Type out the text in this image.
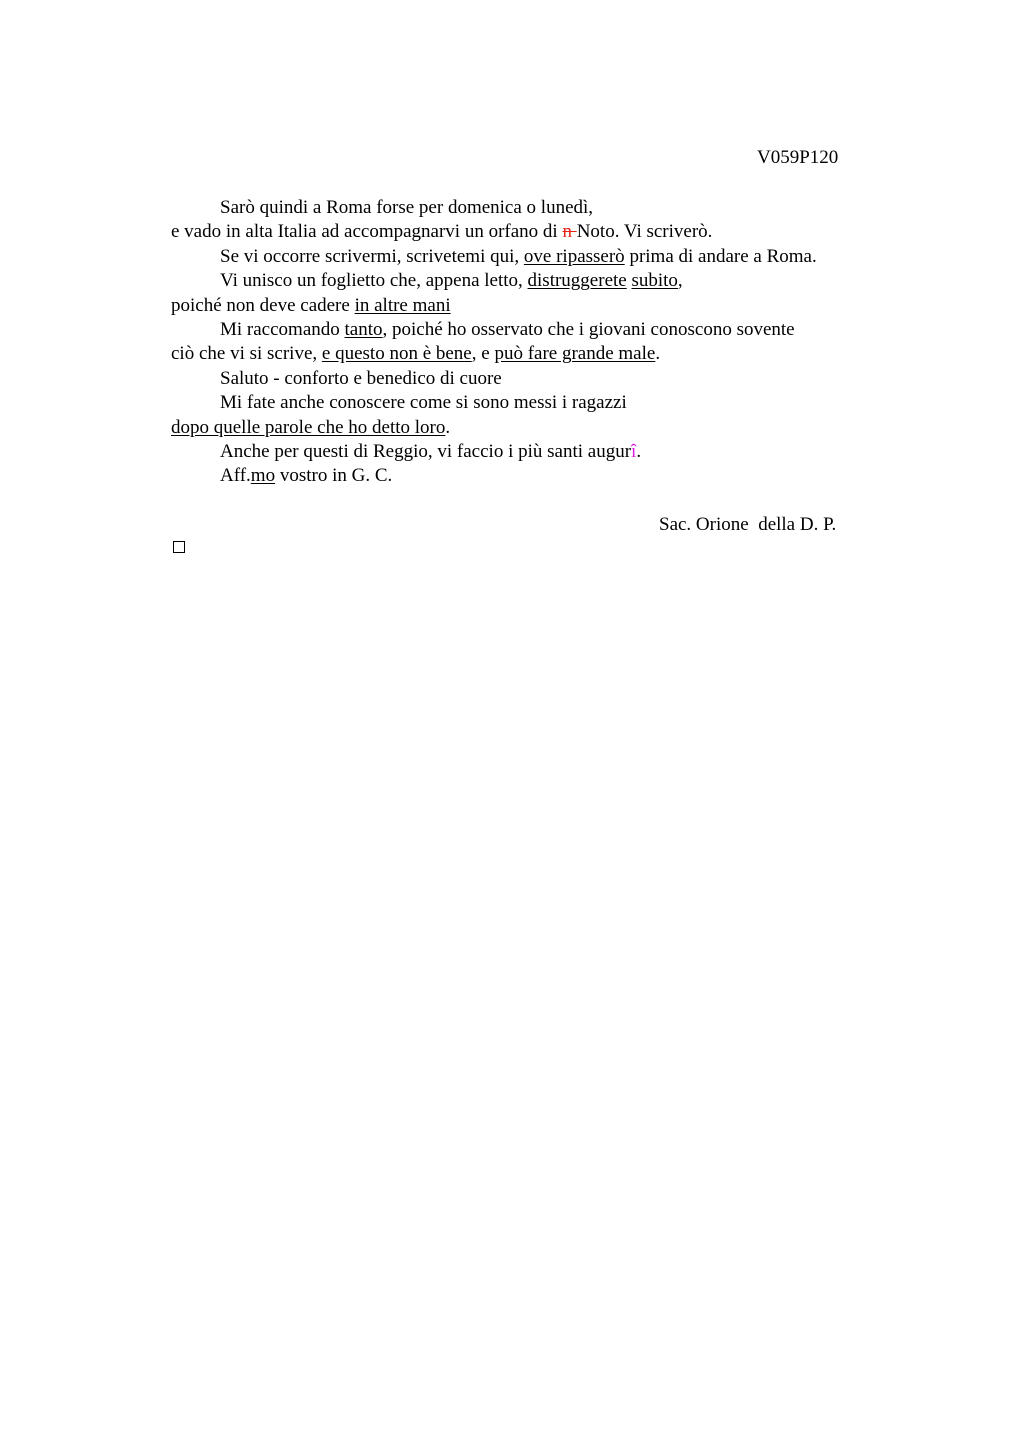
V059P120
Sarò quindi a Roma forse per domenica o lunedì,
e vado in alta Italia ad accompagnarvi un orfano di n Noto. Vi scriverò.
Se vi occorre scrivermi, scrivetemi qui, ove ripasserò prima di andare a Roma.
Vi unisco un foglietto che, appena letto, distruggerete subito,
poiché non deve cadere in altre mani
Mi raccomando tanto, poiché ho osservato che i giovani conoscono sovente
ciò che vi si scrive, e questo non è bene, e può fare grande male.
Saluto - conforto e benedico di cuore
Mi fate anche conoscere come si sono messi i ragazzi
dopo quelle parole che ho detto loro.
Anche per questi di Reggio, vi faccio i più santi augurî.
Aff.mo vostro in G. C.
Sac. Orione  della D. P.
